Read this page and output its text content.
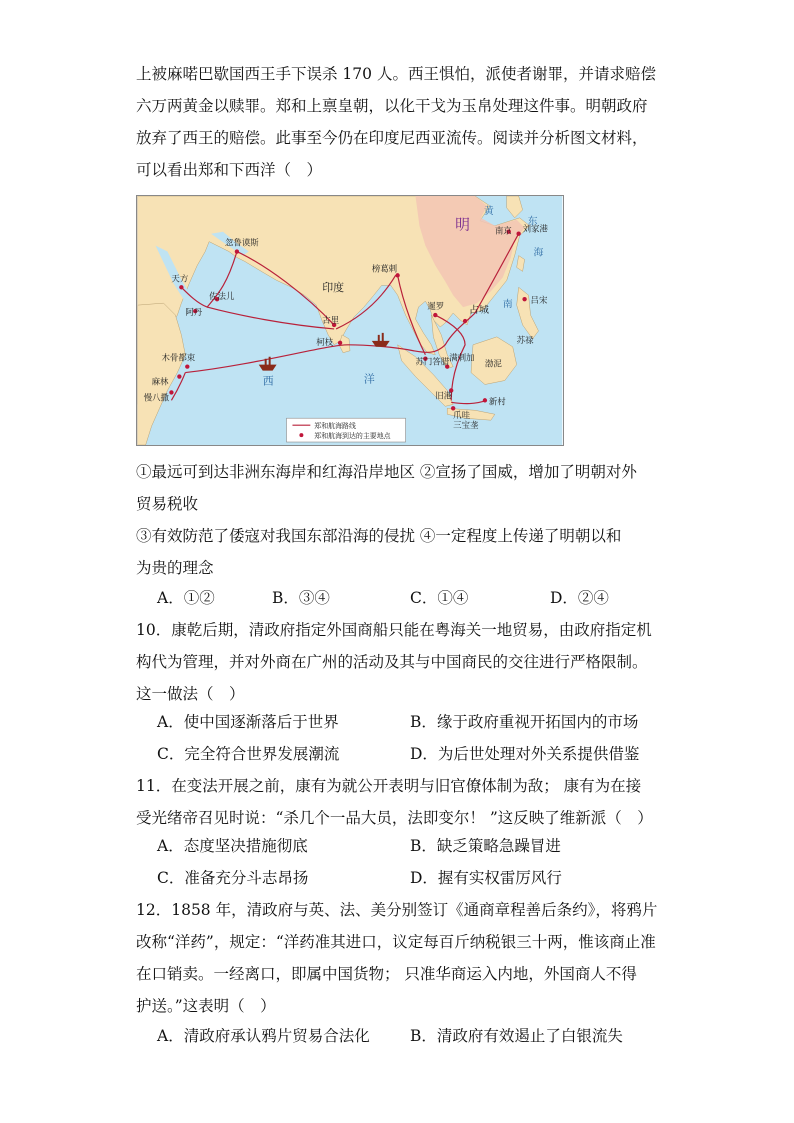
上被麻喏巴歇国西王手下误杀 170 人。西王惧怕，派使者谢罪，并请求赔偿
六万两黄金以赎罪。郑和上禀皇朝，以化干戈为玉帛处理这件事。明朝政府
放弃了西王的赔偿。此事至今仍在印度尼西亚流传。阅读并分析图文材料，
可以看出郑和下西洋（　）
明
黄
东
海
南
南京 刘家港
吕宋
苏禄
渤泥
占城
暹罗
榜葛剌
印度
古里
柯枝
西	洋
苏门答腊 满剌加
旧港
爪哇
新村
三宝垄
忽鲁谟斯
天方
佐法儿
阿丹
木骨都束
麻林
慢八撒
郑和航海路线
郑和航海到达的主要地点
①最远可到达非洲东海岸和红海沿岸地区 ②宣扬了国威，增加了明朝对外
贸易税收
③有效防范了倭寇对我国东部沿海的侵扰 ④一定程度上传递了明朝以和
为贵的理念
A．①②	B．③④	C．①④	D．②④
10．康乾后期，清政府指定外国商船只能在粤海关一地贸易，由政府指定机
构代为管理，并对外商在广州的活动及其与中国商民的交往进行严格限制。
这一做法（　）
A．使中国逐渐落后于世界	B．缘于政府重视开拓国内的市场
C．完全符合世界发展潮流	D．为后世处理对外关系提供借鉴
11．在变法开展之前，康有为就公开表明与旧官僚体制为敌； 康有为在接
受光绪帝召见时说：“杀几个一品大员，法即变尔！ ”这反映了维新派（　）
A．态度坚决措施彻底	B．缺乏策略急躁冒进
C．准备充分斗志昂扬	D．握有实权雷厉风行
12．1858 年，清政府与英、法、美分别签订《通商章程善后条约》，将鸦片
改称“洋药”，规定：“洋药准其进口，议定每百斤纳税银三十两，惟该商止准
在口销卖。一经离口，即属中国货物； 只准华商运入内地，外国商人不得
护送。”这表明（　）
A．清政府承认鸦片贸易合法化	B．清政府有效遏止了白银流失
